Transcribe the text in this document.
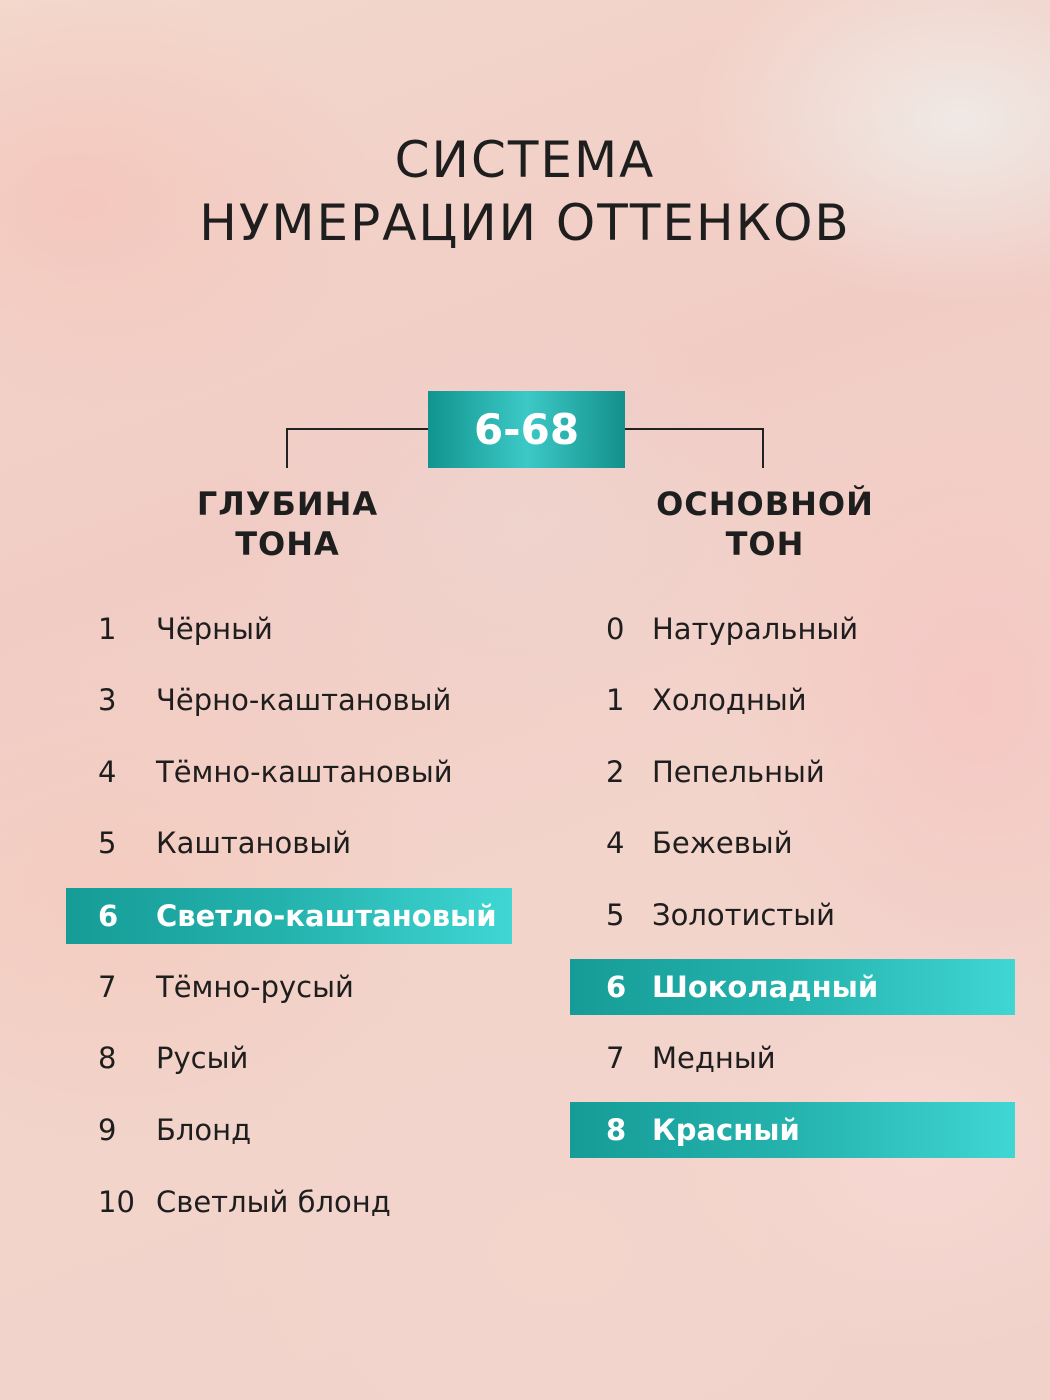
СИСТЕМА
НУМЕРАЦИИ ОТТЕНКОВ
6-68
ГЛУБИНА
ТОНА
ОСНОВНОЙ
ТОН
1	Чёрный
3	Чёрно-каштановый
4	Тёмно-каштановый
5	Каштановый
6	Светло-каштановый
7	Тёмно-русый
8	Русый
9	Блонд
10 Светлый блонд
0 Натуральный
1 Холодный
2 Пепельный
4 Бежевый
5 Золотистый
6 Шоколадный
7 Медный
8 Красный
